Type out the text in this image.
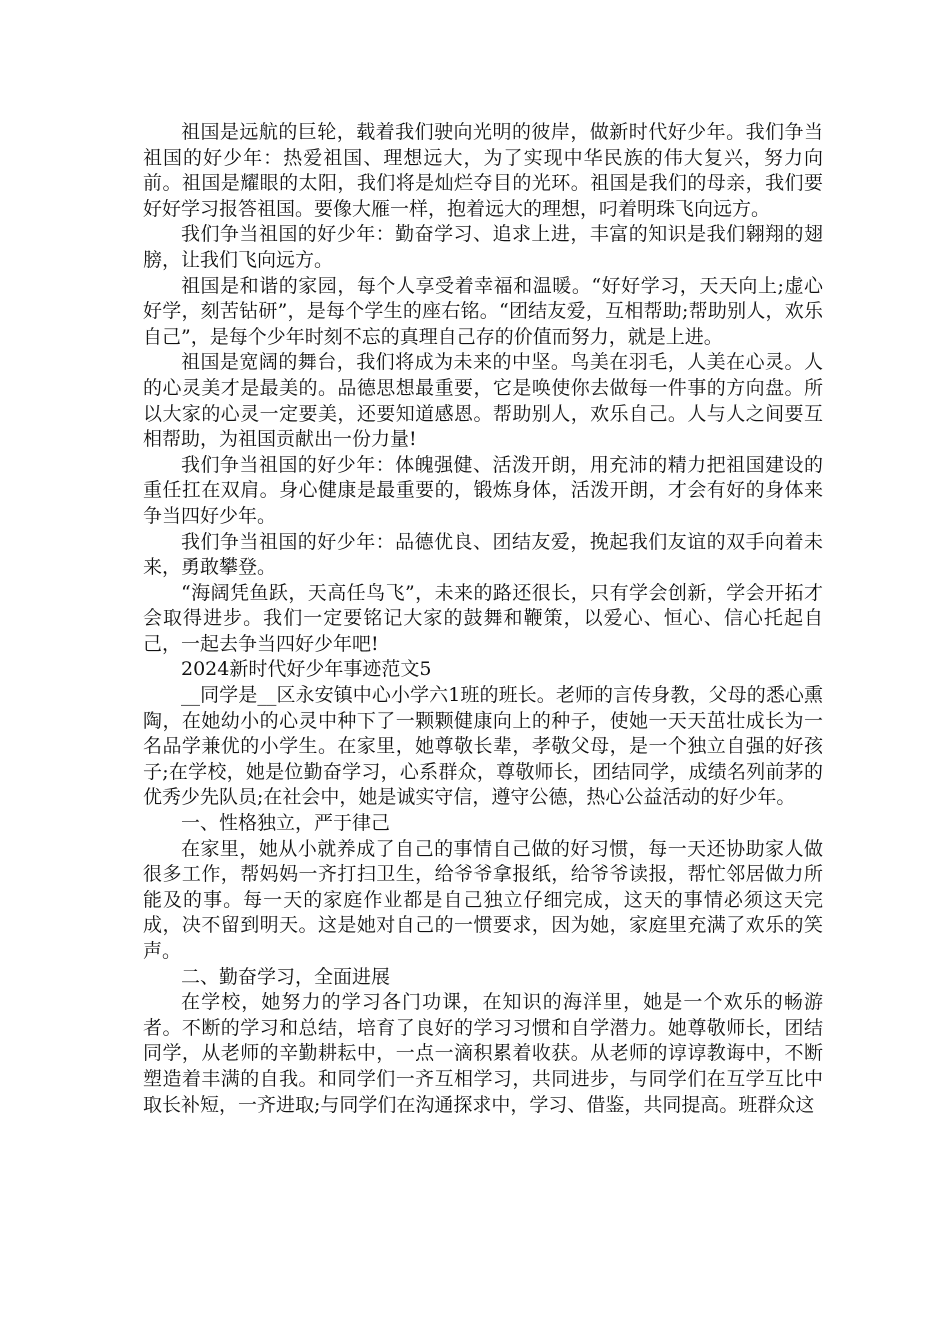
祖国是远航的巨轮，载着我们驶向光明的彼岸，做新时代好少年。我们争当祖国的好少年：热爱祖国、理想远大，为了实现中华民族的伟大复兴，努力向前。祖国是耀眼的太阳，我们将是灿烂夺目的光环。祖国是我们的母亲，我们要好好学习报答祖国。要像大雁一样，抱着远大的理想，叼着明珠飞向远方。

我们争当祖国的好少年：勤奋学习、追求上进，丰富的知识是我们翱翔的翅膀，让我们飞向远方。

祖国是和谐的家园，每个人享受着幸福和温暖。“好好学习，天天向上;虚心好学，刻苦钻研”，是每个学生的座右铭。“团结友爱，互相帮助;帮助别人，欢乐自己”，是每个少年时刻不忘的真理自己存的价值而努力，就是上进。

祖国是宽阔的舞台，我们将成为未来的中坚。鸟美在羽毛，人美在心灵。人的心灵美才是最美的。品德思想最重要，它是唤使你去做每一件事的方向盘。所以大家的心灵一定要美，还要知道感恩。帮助别人，欢乐自己。人与人之间要互相帮助，为祖国贡献出一份力量!

我们争当祖国的好少年：体魄强健、活泼开朗，用充沛的精力把祖国建设的重任扛在双肩。身心健康是最重要的，锻炼身体，活泼开朗，才会有好的身体来争当四好少年。

我们争当祖国的好少年：品德优良、团结友爱，挽起我们友谊的双手向着未来，勇敢攀登。

“海阔凭鱼跃，天高任鸟飞”，未来的路还很长，只有学会创新，学会开拓才会取得进步。我们一定要铭记大家的鼓舞和鞭策，以爱心、恒心、信心托起自己，一起去争当四好少年吧!

2024新时代好少年事迹范文5

__同学是__区永安镇中心小学六1班的班长。老师的言传身教，父母的悉心熏陶，在她幼小的心灵中种下了一颗颗健康向上的种子，使她一天天茁壮成长为一名品学兼优的小学生。在家里，她尊敬长辈，孝敬父母，是一个独立自强的好孩子;在学校，她是位勤奋学习，心系群众，尊敬师长，团结同学，成绩名列前茅的优秀少先队员;在社会中，她是诚实守信，遵守公德，热心公益活动的好少年。

一、性格独立，严于律己

在家里，她从小就养成了自己的事情自己做的好习惯，每一天还协助家人做很多工作，帮妈妈一齐打扫卫生，给爷爷拿报纸，给爷爷读报，帮忙邻居做力所能及的事。每一天的家庭作业都是自己独立仔细完成，这天的事情必须这天完成，决不留到明天。这是她对自己的一惯要求，因为她，家庭里充满了欢乐的笑声。

二、勤奋学习，全面进展

在学校，她努力的学习各门功课，在知识的海洋里，她是一个欢乐的畅游者。不断的学习和总结，培育了良好的学习习惯和自学潜力。她尊敬师长，团结同学，从老师的辛勤耕耘中，一点一滴积累着收获。从老师的谆谆教诲中，不断塑造着丰满的自我。和同学们一齐互相学习，共同进步，与同学们在互学互比中取长补短，一齐进取;与同学们在沟通探求中，学习、借鉴，共同提高。班群众这
